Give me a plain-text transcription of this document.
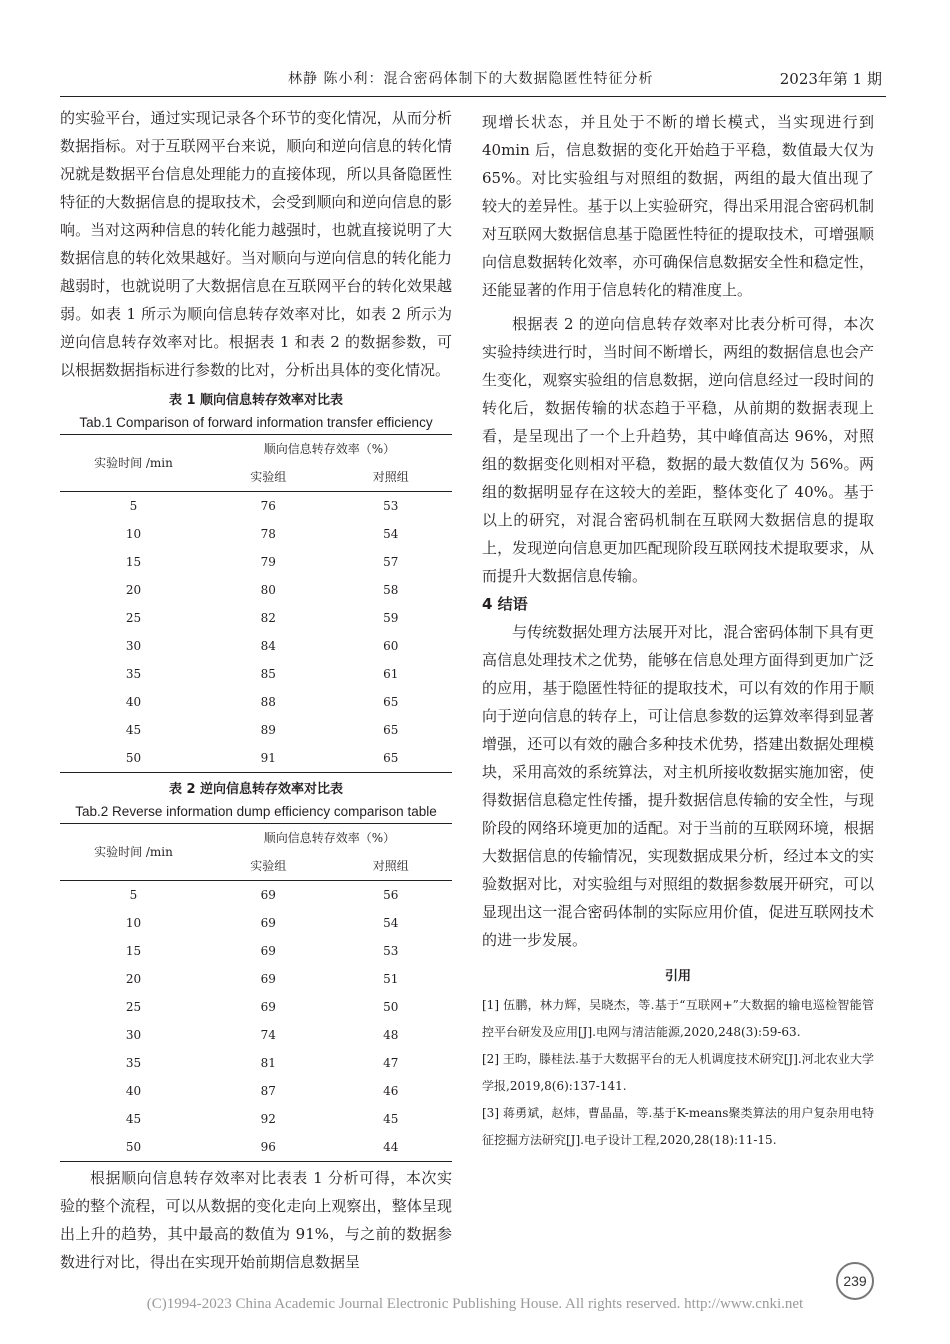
林静 陈小利：混合密码体制下的大数据隐匿性特征分析	2023年第 1 期

的实验平台，通过实现记录各个环节的变化情况，从而分析数据指标。对于互联网平台来说，顺向和逆向信息的转化情况就是数据平台信息处理能力的直接体现，所以具备隐匿性特征的大数据信息的提取技术，会受到顺向和逆向信息的影响。当对这两种信息的转化能力越强时，也就直接说明了大数据信息的转化效果越好。当对顺向与逆向信息的转化能力越弱时，也就说明了大数据信息在互联网平台的转化效果越弱。如表 1 所示为顺向信息转存效率对比，如表 2 所示为逆向信息转存效率对比。根据表 1 和表 2 的数据参数，可以根据数据指标进行参数的比对，分析出具体的变化情况。

表 1 顺向信息转存效率对比表
Tab.1 Comparison of forward information transfer efficiency
实验时间 /min	顺向信息转存效率（%）	
	实验组	对照组
5	76	53
10	78	54
15	79	57
20	80	58
25	82	59
30	84	60
35	85	61
40	88	65
45	89	65
50	91	65
表 2 逆向信息转存效率对比表
Tab.2 Reverse information dump efficiency comparison table
实验时间 /min	顺向信息转存效率（%）	
	实验组	对照组
5	69	56
10	69	54
15	69	53
20	69	51
25	69	50
30	74	48
35	81	47
40	87	46
45	92	45
50	96	44

根据顺向信息转存效率对比表表 1 分析可得，本次实验的整个流程，可以从数据的变化走向上观察出，整体呈现出上升的趋势，其中最高的数值为 91%，与之前的数据参数进行对比，得出在实现开始前期信息数据呈

现增长状态，并且处于不断的增长模式，当实现进行到 40min 后，信息数据的变化开始趋于平稳，数值最大仅为 65%。对比实验组与对照组的数据，两组的最大值出现了较大的差异性。基于以上实验研究，得出采用混合密码机制对互联网大数据信息基于隐匿性特征的提取技术，可增强顺向信息数据转化效率，亦可确保信息数据安全性和稳定性，还能显著的作用于信息转化的精准度上。

根据表 2 的逆向信息转存效率对比表分析可得，本次实验持续进行时，当时间不断增长，两组的数据信息也会产生变化，观察实验组的信息数据，逆向信息经过一段时间的转化后，数据传输的状态趋于平稳，从前期的数据表现上看，是呈现出了一个上升趋势，其中峰值高达 96%，对照组的数据变化则相对平稳，数据的最大数值仅为 56%。两组的数据明显存在这较大的差距，整体变化了 40%。基于以上的研究，对混合密码机制在互联网大数据信息的提取上，发现逆向信息更加匹配现阶段互联网技术提取要求，从而提升大数据信息传输。

4 结语

与传统数据处理方法展开对比，混合密码体制下具有更高信息处理技术之优势，能够在信息处理方面得到更加广泛的应用，基于隐匿性特征的提取技术，可以有效的作用于顺向于逆向信息的转存上，可让信息参数的运算效率得到显著增强，还可以有效的融合多种技术优势，搭建出数据处理模块，采用高效的系统算法，对主机所接收数据实施加密，使得数据信息稳定性传播，提升数据信息传输的安全性，与现阶段的网络环境更加的适配。对于当前的互联网环境，根据大数据信息的传输情况，实现数据成果分析，经过本文的实验数据对比，对实验组与对照组的数据参数展开研究，可以显现出这一混合密码体制的实际应用价值，促进互联网技术的进一步发展。

引用

[1] 伍鹏，林力辉，吴晓杰，等.基于“互联网+”大数据的输电巡检智能管控平台研发及应用[J].电网与清洁能源,2020,248(3):59-63.

[2] 王昀，滕桂法.基于大数据平台的无人机调度技术研究[J].河北农业大学学报,2019,8(6):137-141.

[3] 蒋勇斌，赵炜，曹晶晶，等.基于K-means聚类算法的用户复杂用电特征挖掘方法研究[J].电子设计工程,2020,28(18):11-15.

239
(C)1994-2023 China Academic Journal Electronic Publishing House. All rights reserved. http://www.cnki.net
